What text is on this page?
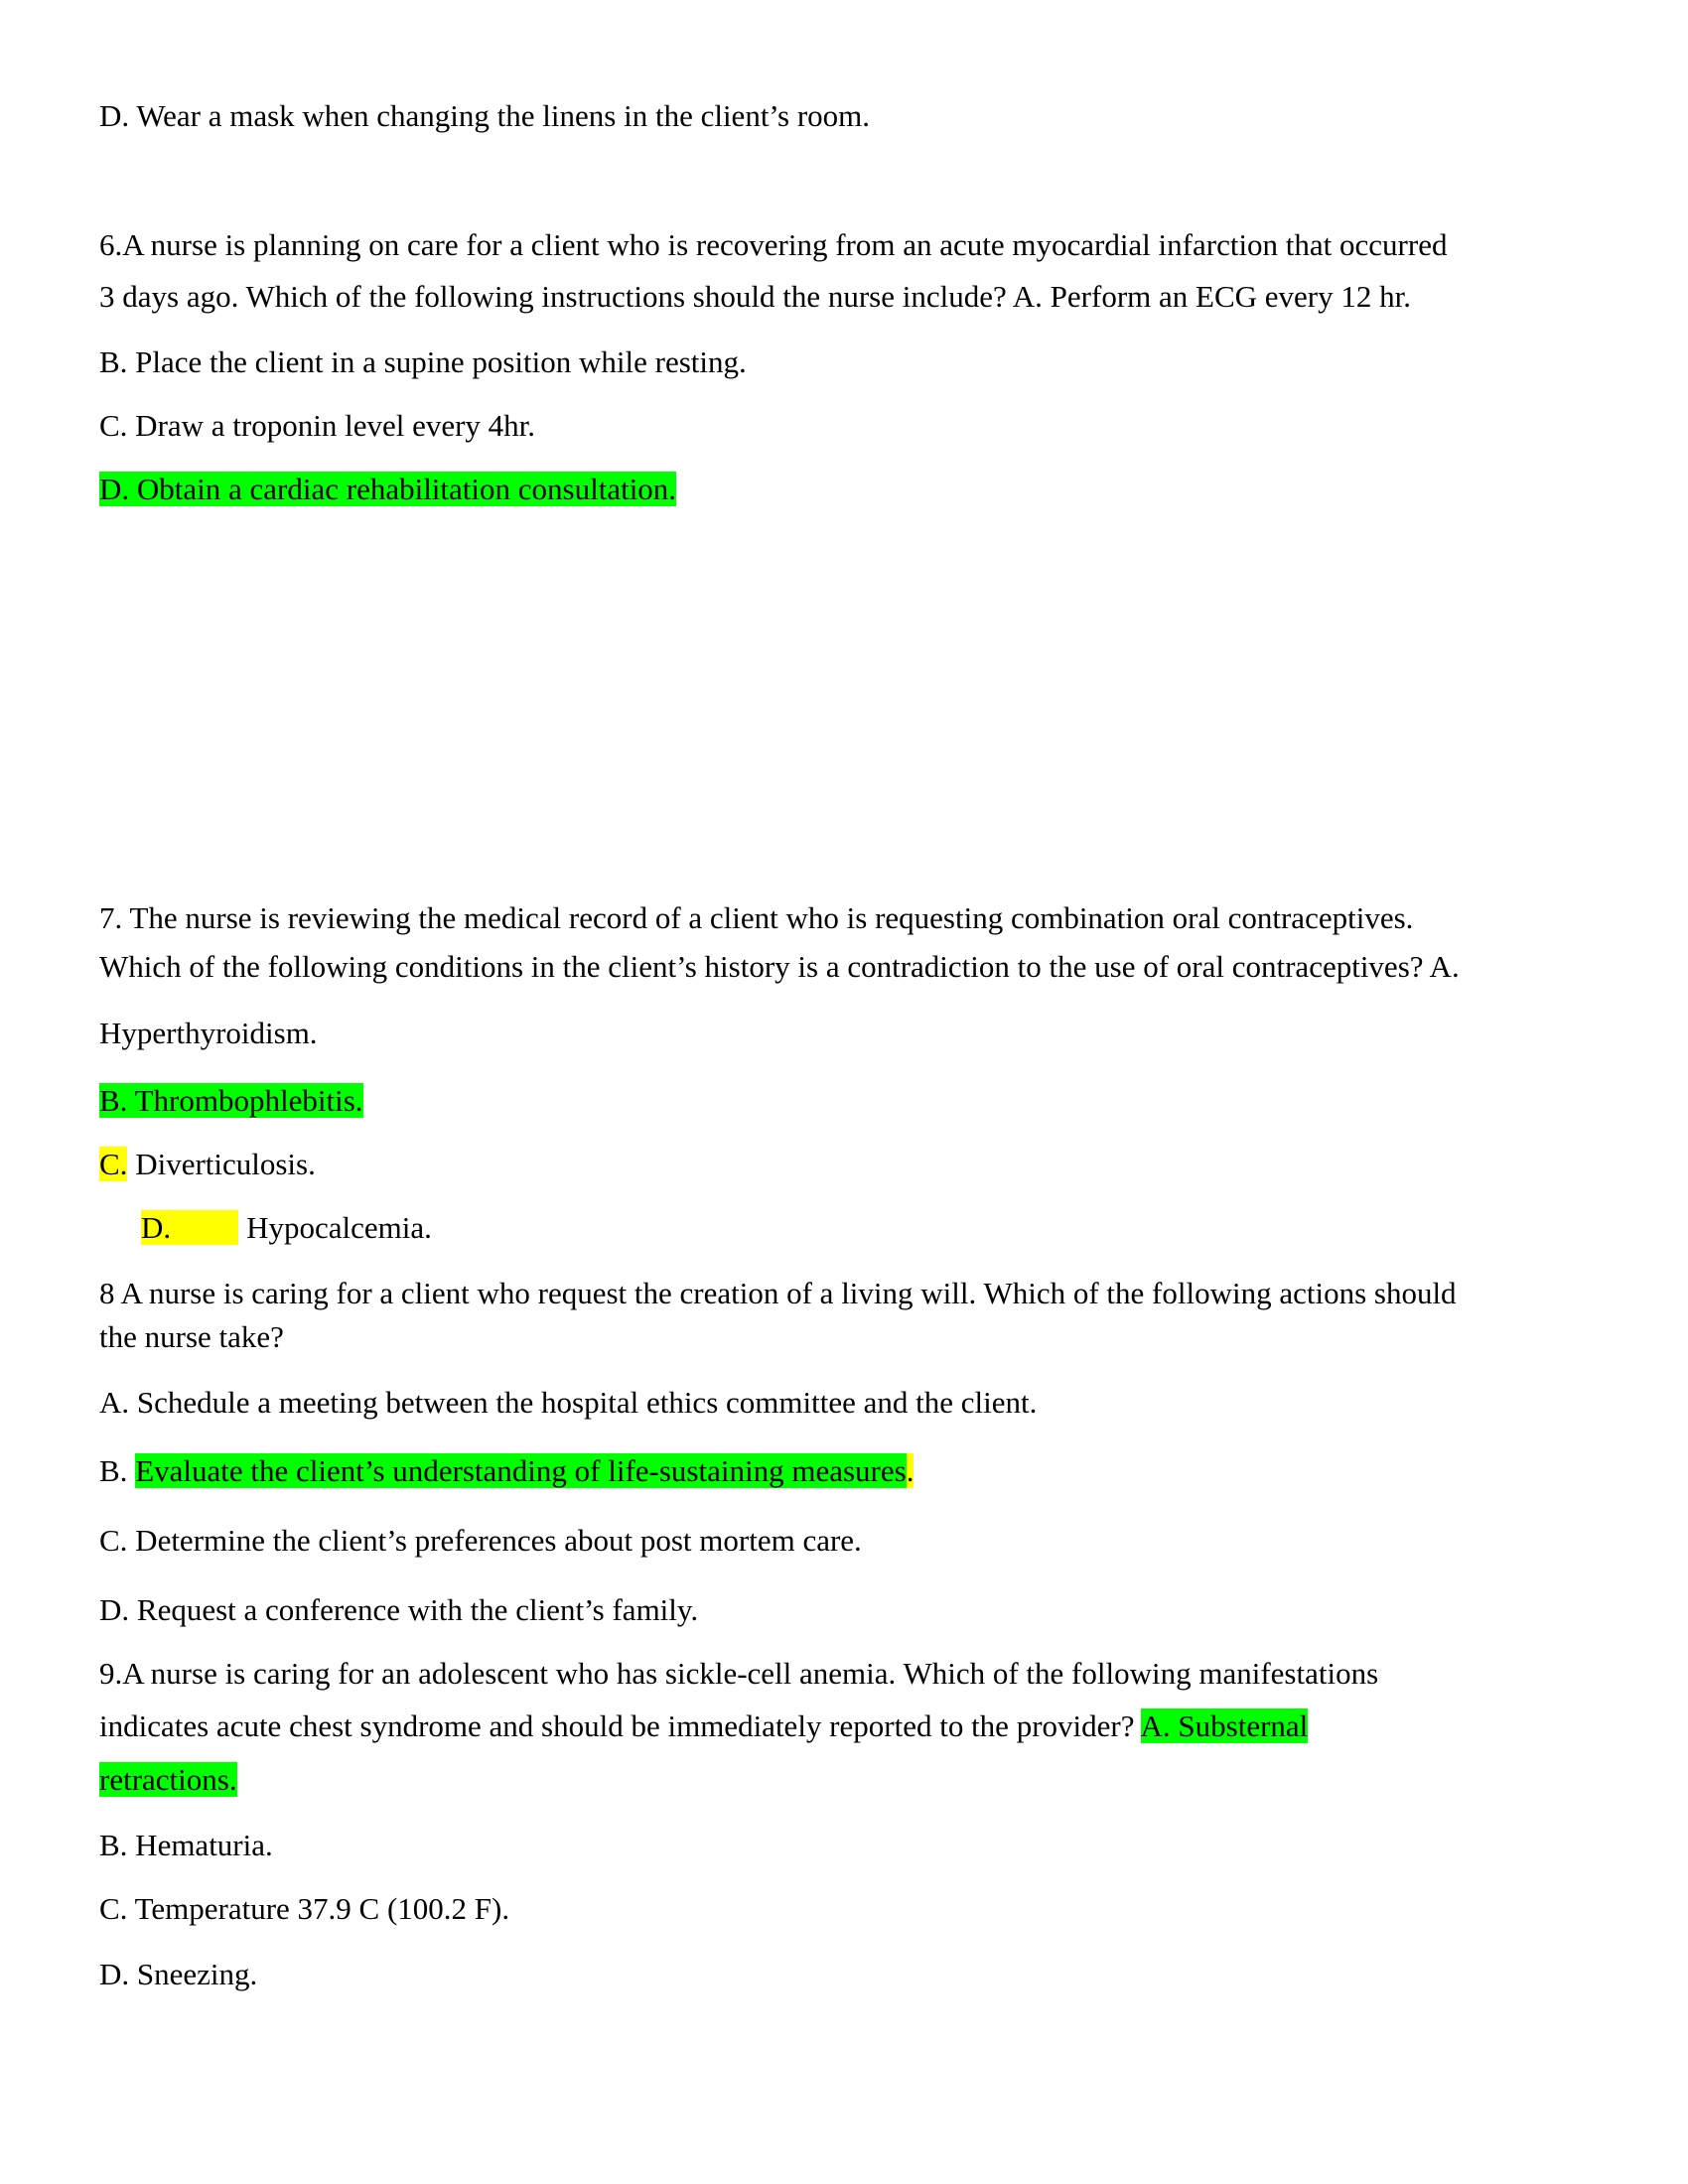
D. Wear a mask when changing the linens in the client’s room.
6.A nurse is planning on care for a client who is recovering from an acute myocardial infarction that occurred
3 days ago. Which of the following instructions should the nurse include? A. Perform an ECG every 12 hr.
B. Place the client in a supine position while resting.
C. Draw a troponin level every 4hr.
D. Obtain a cardiac rehabilitation consultation.
7. The nurse is reviewing the medical record of a client who is requesting combination oral contraceptives.
Which of the following conditions in the client’s history is a contradiction to the use of oral contraceptives? A.
Hyperthyroidism.
B. Thrombophlebitis.
C. Diverticulosis.
D. Hypocalcemia.
8 A nurse is caring for a client who request the creation of a living will. Which of the following actions should
the nurse take?
A. Schedule a meeting between the hospital ethics committee and the client.
B. Evaluate the client’s understanding of life-sustaining measures.
C. Determine the client’s preferences about post mortem care.
D. Request a conference with the client’s family.
9.A nurse is caring for an adolescent who has sickle-cell anemia. Which of the following manifestations
indicates acute chest syndrome and should be immediately reported to the provider? A. Substernal
retractions.
B. Hematuria.
C. Temperature 37.9 C (100.2 F).
D. Sneezing.
